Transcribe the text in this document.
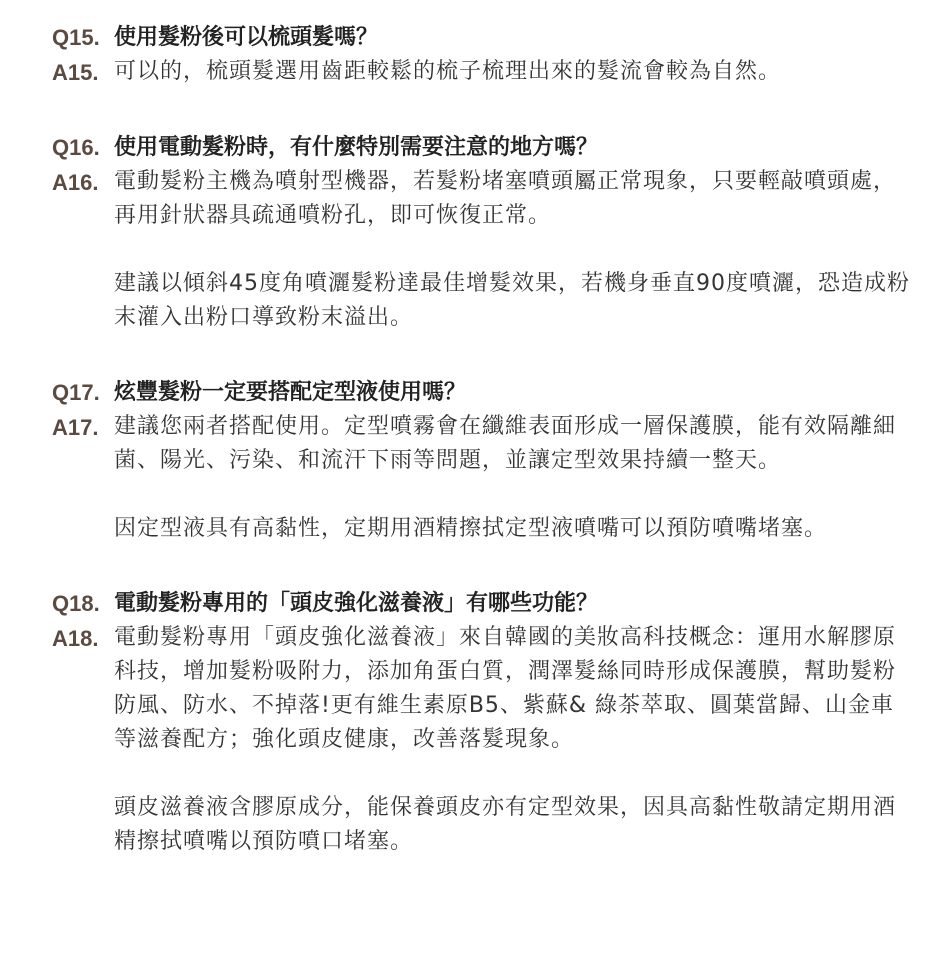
Q15. 使用髮粉後可以梳頭髮嗎？
A15. 可以的，梳頭髮選用齒距較鬆的梳子梳理出來的髮流會較為自然。

Q16. 使用電動髮粉時，有什麼特別需要注意的地方嗎？
A16. 電動髮粉主機為噴射型機器，若髮粉堵塞噴頭屬正常現象，只要輕敲噴頭處，再用針狀器具疏通噴粉孔，即可恢復正常。

建議以傾斜45度角噴灑髮粉達最佳增髮效果，若機身垂直90度噴灑，恐造成粉末灌入出粉口導致粉末溢出。

Q17. 炫豐髮粉一定要搭配定型液使用嗎？
A17. 建議您兩者搭配使用。定型噴霧會在纖維表面形成一層保護膜，能有效隔離細菌、陽光、污染、和流汗下雨等問題，並讓定型效果持續一整天。

因定型液具有高黏性，定期用酒精擦拭定型液噴嘴可以預防噴嘴堵塞。

Q18. 電動髮粉專用的「頭皮強化滋養液」有哪些功能？
A18. 電動髮粉專用「頭皮強化滋養液」來自韓國的美妝高科技概念：運用水解膠原科技，增加髮粉吸附力，添加角蛋白質，潤澤髮絲同時形成保護膜，幫助髮粉防風、防水、不掉落!更有維生素原B5、紫蘇& 綠茶萃取、圓葉當歸、山金車等滋養配方；強化頭皮健康，改善落髮現象。

頭皮滋養液含膠原成分，能保養頭皮亦有定型效果，因具高黏性敬請定期用酒精擦拭噴嘴以預防噴口堵塞。
